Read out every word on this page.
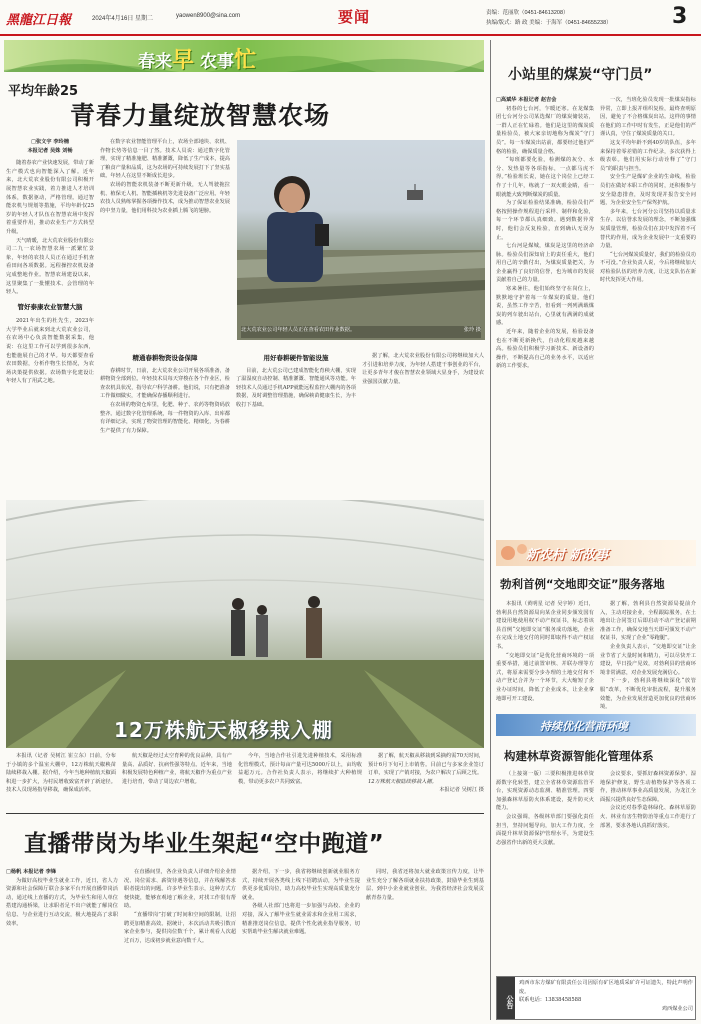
黑龍江日報	2024年4月16日 星期二	yaowen8900@sina.com	要闻	责编：范丽欣（0451-84613208）
执编/版式：路 政 美编：于海军（0451-84655238）	3
春来早 农事忙
平均年龄25
青春力量绽放智慧农场
□张文宇 李玲楠
本报记者 吴姝 刘畅

随着春农产业快速发展，带动了新生产模式也向智能深入了解。近年来，北大荒农业股份有限公司积极开展智慧农业实践，着力推进人才培训体系，数据驱动，严格管理。通过智能农机与规划等措施，平均年龄仅25岁的年轻人才队伍在智慧农场中发挥着重要作用，推动农业生产方式转型升级。

天气晴暖，北大荒农业股份有限公司二九一农场智慧农场一派繁忙景象，年轻的农技人员正在通过手机查看田间各项数据。远程操控农机设备完成整地作业。智慧农场建设以来，这里聚集了一批懂技术、会管理的年轻人。

管好泰康农业智慧大脑

2021年出生的杜先生，2023年大学毕业后就来到北大荒农业公司，在农场中心负责智能数据采集，他说：在这里工作可以学到很多东西，也能施展自己的才华。每天都要查看农田数据，分析作物生长情况，为农场决策提供依据。农场数字化建设让年轻人有了用武之地。

在数字农业智能管理平台上，农场全部地块、农机、作物长势等信息一目了然。技术人员说：通过数字化管理，实现了精准施肥、精准灌溉，降低了生产成本，提高了粮食产量和品质，这为农场的可持续发展打下了坚实基础。年轻人在这里不断成长进步。

农场的智能农机装备不断更新升级，无人驾驶拖拉机、植保无人机、智能插秧机等先进设备广泛应用。年轻农技人员熟练掌握各项操作技术，成为推动智慧农业发展的中坚力量，他们用科技为农业插上腾飞的翅膀。

北大荒农业公司年轻人员正在查看农田作业数据。	张玲 摄
精通春耕物资设备保障

春耕时节，日前，北大荒农业公司开展各项准备，备耕物资全部到位。年轻技术员每天穿梭在各个作业区，检查农机具状况，指导农户科学备耕。他们说，只有把准备工作做细做实，才能确保春播顺利进行。

在农场的物资仓库里，化肥、种子、农药等物资码放整齐。通过数字化管理系统，每一件物资的入库、出库都有详细记录，实现了物资管理的智能化、精细化，为春耕生产提供了有力保障。

用好春耕硬件智能设施

目前，北大荒公司已建成智能化育秧大棚，实现了温湿度自动控制、精准灌溉、智能通风等功能。年轻技术人员通过手机APP就能远程监控大棚内的各项数据，及时调整管理措施，确保秧苗健康生长，为丰收打下基础。

据了解，北大荒农业股份有限公司将继续加大人才引进和培养力度，为年轻人搭建干事创业的平台，让更多青年才俊在智慧农业领域大显身手，为建设农业强国贡献力量。

12万株航天椒移栽入棚

本报讯（记者 吴树江 崔立东）日前，分布于小镇的多个温室大棚中，12万株航天椒秧苗陆续移栽入棚。据介绍，今年当地种植航天椒面积进一步扩大，为村民增收致富开辟了新途径。技术人员现场指导移栽，确保成活率。

航天椒是经过太空育种的优良品种，具有产量高、品质好、抗病性强等特点。近年来，当地积极发展特色种植产业，将航天椒作为重点产业进行培育，带动了周边农户增收。

今年，当地合作社引进先进种植技术，采用标准化管理模式，预计每亩产量可达5000斤以上，亩均收益超万元。合作社负责人表示，将继续扩大种植规模，带动更多农户共同致富。

据了解，航天椒从移栽到采摘约需70天时间，预计6月下旬可上市销售。目前已与多家企业签订订单，实现了产销对接，为农户解决了后顾之忧。

12万株航天椒陆续移栽入棚。
本报记者 吴树江 摄
直播带岗为毕业生架起“空中跑道”
□杨帆 本报记者 李锋

为做好高校毕业生就业工作，近日，省人力资源和社会保障厅联合多家平台开展直播带岗活动，通过线上直播的方式，为毕业生和用人单位搭建沟通桥梁，让求职者足不出户就能了解岗位信息、与企业进行互动交流，极大地提高了求职效率。

在直播间里，各企业负责人详细介绍企业情况、岗位需求、薪资待遇等信息，并在线解答求职者提出的问题。许多毕业生表示，这种方式方便快捷，能够直观地了解企业，对找工作很有帮助。

“直播带岗”打破了时间和空间的限制，让招聘更加精准高效。据统计，本次活动共吸引数百家企业参与，提供岗位数千个，累计观看人次超过百万，达成初步就业意向数千人。

据介绍，下一步，我省将继续创新就业服务方式，持续开展各类线上线下招聘活动，为毕业生提供更多优质岗位，助力高校毕业生实现高质量充分就业。

各级人社部门也将进一步加强与高校、企业的对接，深入了解毕业生就业需求和企业用工需求，精准推送岗位信息，提供个性化就业指导服务，切实帮助毕业生解决就业难题。

同时，我省还将加大就业政策宣传力度，让毕业生充分了解各项就业扶持政策，鼓励毕业生到基层、到中小企业就业创业，为我省经济社会发展贡献青春力量。

小站里的煤炭“守门员”
□高斌华 本报记者 赵吉会

初春的七台河，乍暖还寒。在龙煤集团七台河分公司某选煤厂的煤炭储装站，一群人正在忙碌着。他们是这里的煤炭质量检验员，被大家亲切地称为煤炭“守门员”。每一车煤炭出站前，都要经过他们严格的检验，确保质量合格。

“每班都要化验，检测煤的灰分、水分、发热量等各项指标，一点都马虎不得。”检验班长说，她在这个岗位上已经工作了十几年，练就了一双火眼金睛，看一眼就能大致判断煤炭的质量。

为了保证检验结果准确，检验员们严格按照操作规程进行采样、制样和化验，每一个环节都认真细致。遇到数据异常时，他们会反复检验，直到确认无误为止。

七台河是煤城，煤炭是这里的经济命脉。检验员们深知肩上的责任重大，他们用自己的辛勤付出，为煤炭质量把关，为企业赢得了良好的信誉，也为城市的发展贡献着自己的力量。

寒来暑往，他们始终坚守在岗位上，默默地守护着每一车煤炭的质量。他们说，虽然工作辛苦，但看到一列列满载煤炭的列车驶出站台，心里就有满满的成就感。

近年来，随着企业的发展，检验设备也在不断更新换代，自动化程度越来越高。检验员们积极学习新技术、新设备的操作，不断提高自己的业务水平，以适应新的工作要求。

一次，当班化验员发现一批煤炭指标异常，立即上报并组织复检，最终查明原因，避免了不合格煤炭出站。这样的事情在他们的工作中时有发生，正是他们的严谨认真，守住了煤炭质量的关口。

这支平均年龄不到40岁的队伍，多年来保持着零差错的工作纪录，多次获得上级表彰。他们用实际行动诠释了“守门员”的职责与担当。

安全生产是煤矿企业的生命线，检验员们在做好本职工作的同时，还积极参与安全隐患排查，及时发现并报告安全问题，为企业安全生产保驾护航。

多年来，七台河分公司坚持以质量求生存、以信誉求发展的理念，不断加强煤炭质量管理，检验员们在其中发挥着不可替代的作用，成为企业发展中一支重要的力量。

“七台河煤炭质量好，我们的检验员功不可没。”企业负责人说，今后将继续加大对检验队伍的培养力度，让这支队伍在新时代发挥更大作用。

新农村 新故事
勃利首例“交地即交证”服务落地

本报讯（黄明星 记者 吴宇婷）近日，勃利县自然资源局向某企业同步颁发国有建设用地使用权不动产权证书，标志着该县首例“交地即交证”服务成功落地，企业在完成土地交付的同时即取得不动产权证书。

“交地即交证”是优化营商环境的一项重要举措，通过前置审核、并联办理等方式，将原来需要分步办理的土地交付和不动产登记合并为一个环节，大大缩短了企业办证时间，降低了企业成本，让企业拿地即可开工建设。

据了解，勃利县自然资源局提前介入，主动对接企业，全程跟踪服务，在土地出让合同签订后即启动不动产登记前期准备工作，确保交地当天即可颁发不动产权证书，实现了企业“零跑腿”。

企业负责人表示，“交地即交证”让企业节省了大量时间和精力，可以尽快开工建设，早日投产见效，对勃利县的营商环境非常满意，对企业发展充满信心。

下一步，勃利县将继续深化“放管服”改革，不断优化审批流程，提升服务效能，为企业发展营造更加优良的营商环境。

持续优化营商环境
构建林草资源智能化管理体系

（上接第一版）三要积极推进林草资源数字化转型，建立全省林草资源监管平台，实现资源动态监测、精准管理。四要加强森林草原防火体系建设，提升防灭火能力。

会议强调，各级林草部门要强化责任担当，坚持问题导向，加大工作力度，全面提升林草资源保护管理水平，为建设生态强省作出新的更大贡献。

会议要求，要抓好森林资源保护、湿地保护修复、野生动植物保护等各项工作，推动林草事业高质量发展，为龙江全面振兴提供良好生态保障。

会议还对春季造林绿化、森林草原防火、林业有害生物防治等重点工作进行了部署，要求各地认真抓好落实。

公告
鸡西市东方煤矿有限责任公司因原有矿区地质采矿许可证遗失，特此声明作废。
联系电话：13838458588
鸡西煤业公司
